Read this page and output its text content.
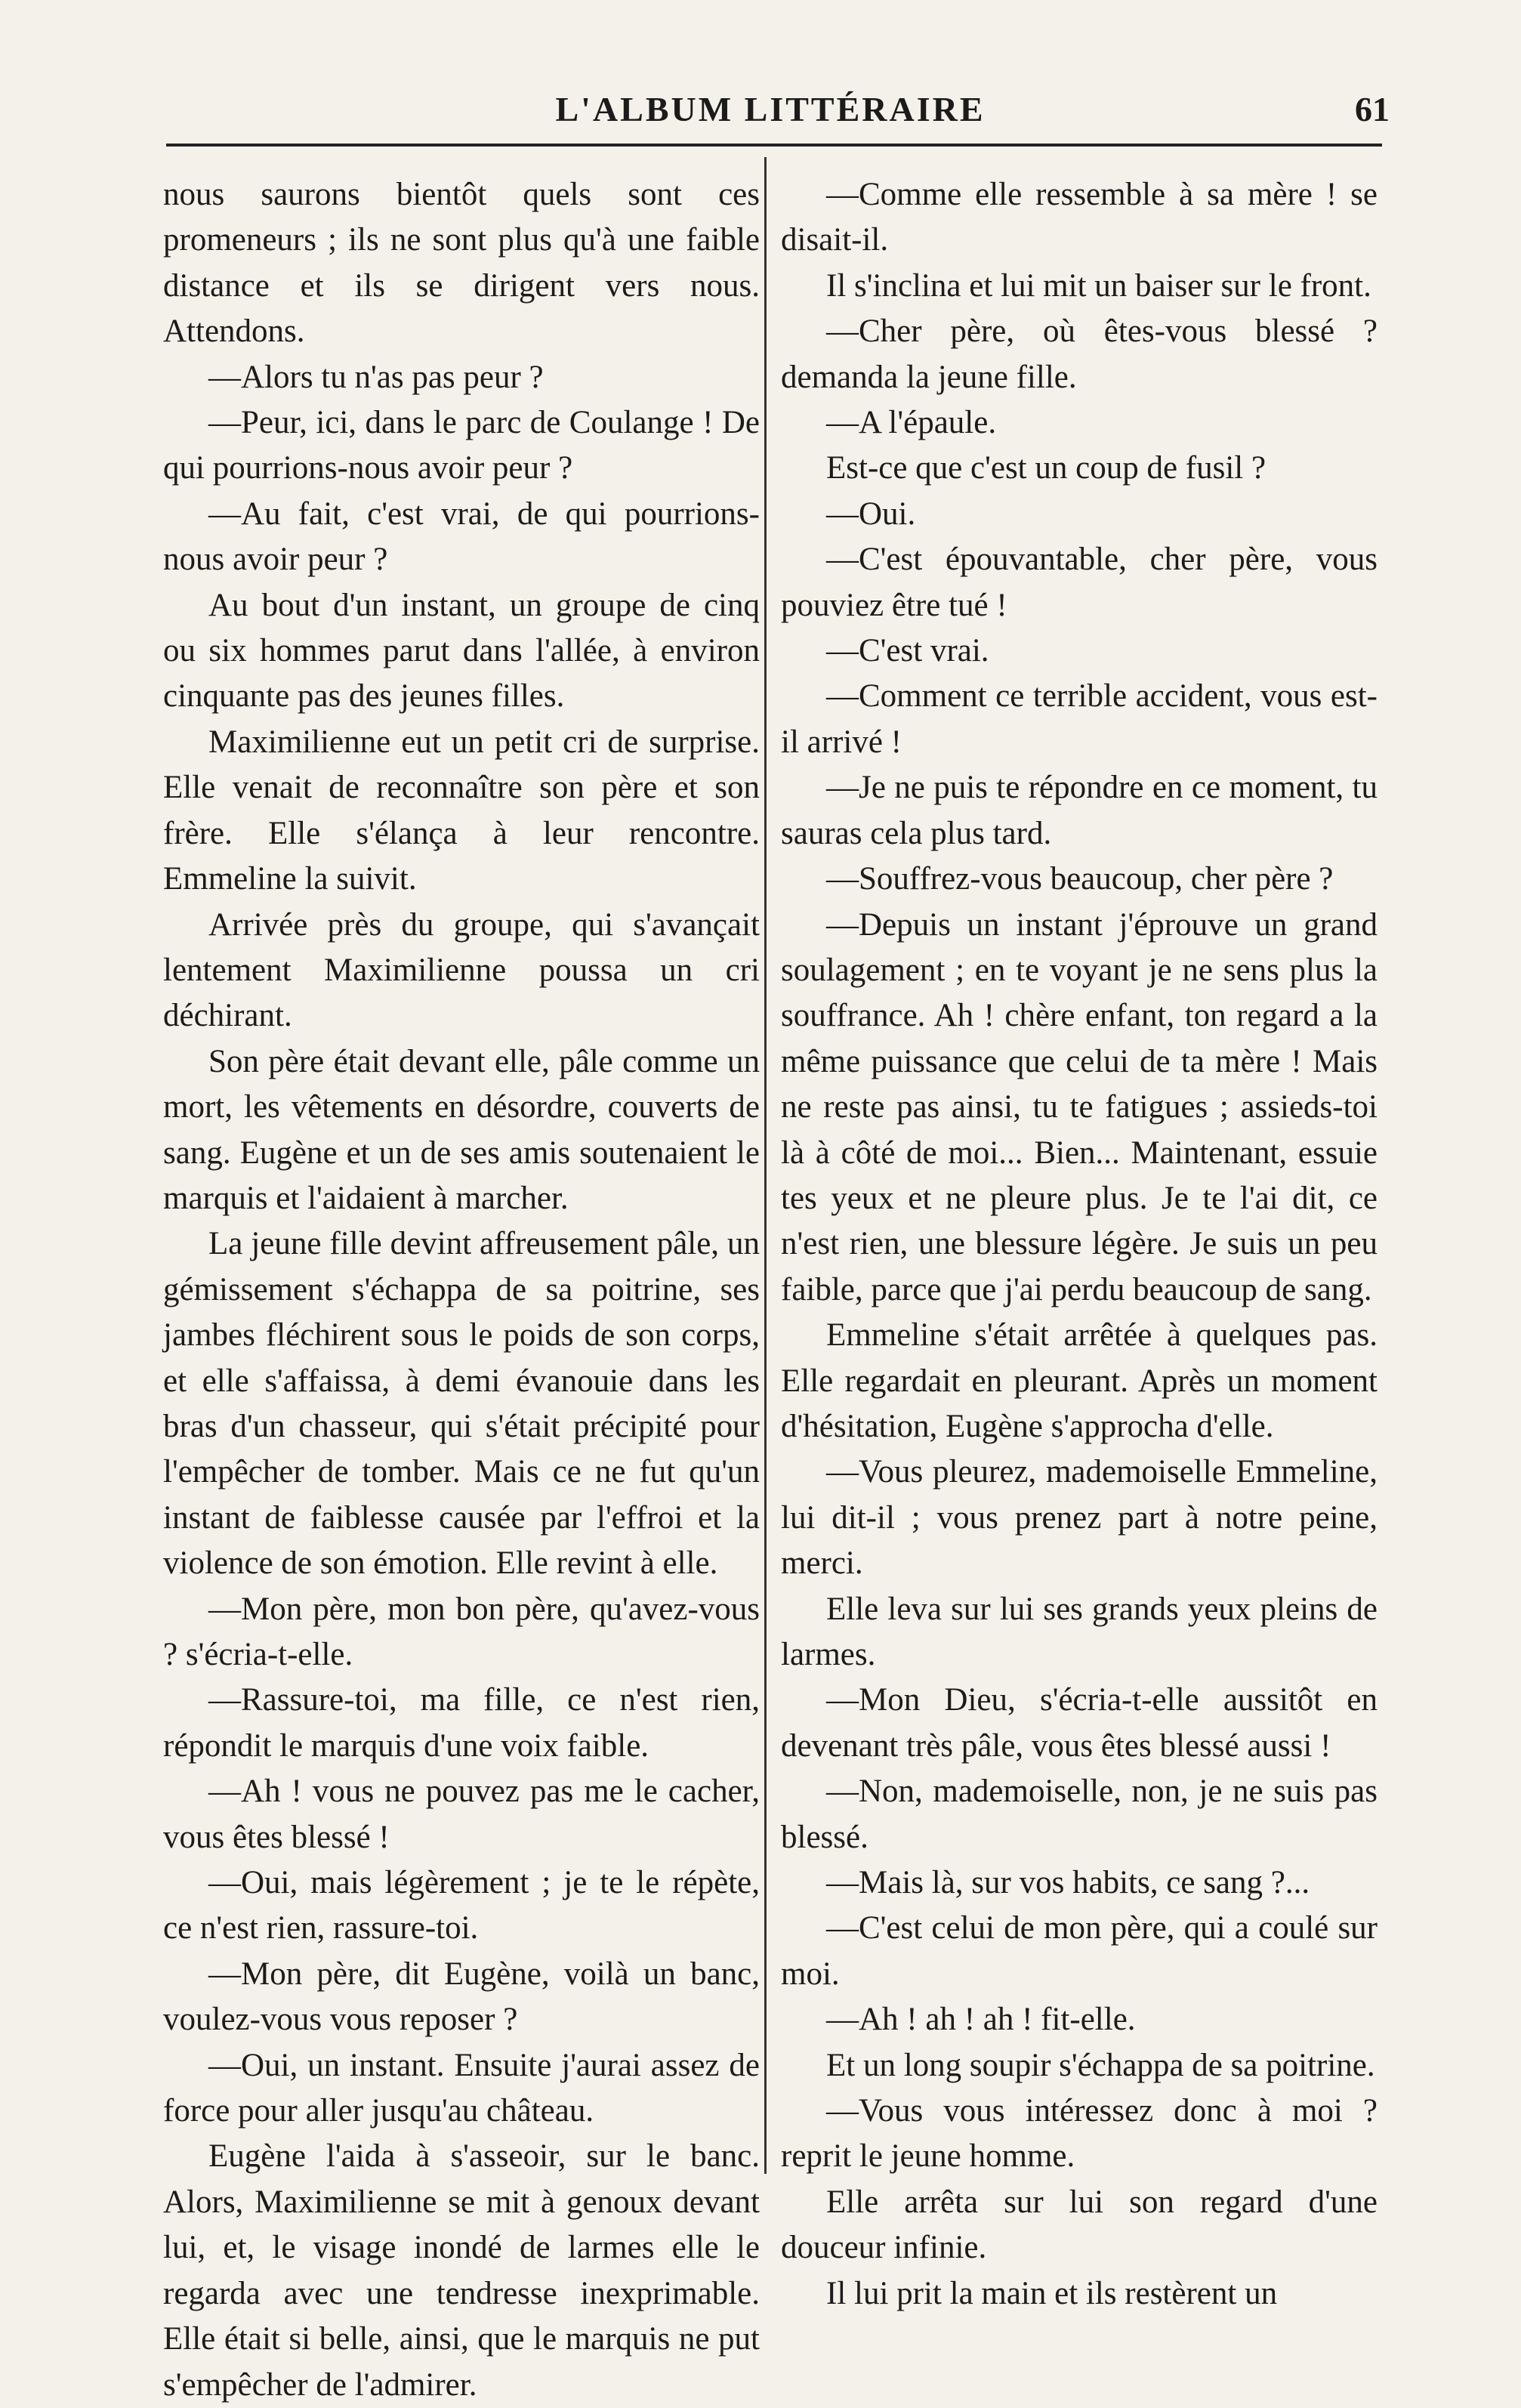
L'ALBUM LITTÉRAIRE	61

nous saurons bientôt quels sont ces promeneurs ; ils ne sont plus qu'à une faible distance et ils se dirigent vers nous. Attendons.

—Alors tu n'as pas peur ?

—Peur, ici, dans le parc de Coulange ! De qui pourrions-nous avoir peur ?

—Au fait, c'est vrai, de qui pourrions-nous avoir peur ?

Au bout d'un instant, un groupe de cinq ou six hommes parut dans l'allée, à environ cinquante pas des jeunes filles.

Maximilienne eut un petit cri de surprise. Elle venait de reconnaître son père et son frère. Elle s'élança à leur rencontre. Emmeline la suivit.

Arrivée près du groupe, qui s'avançait lentement Maximilienne poussa un cri déchirant.

Son père était devant elle, pâle comme un mort, les vêtements en désordre, couverts de sang. Eugène et un de ses amis soutenaient le marquis et l'aidaient à marcher.

La jeune fille devint affreusement pâle, un gémissement s'échappa de sa poitrine, ses jambes fléchirent sous le poids de son corps, et elle s'affaissa, à demi évanouie dans les bras d'un chasseur, qui s'était précipité pour l'empêcher de tomber. Mais ce ne fut qu'un instant de faiblesse causée par l'effroi et la violence de son émotion. Elle revint à elle.

—Mon père, mon bon père, qu'avez-vous ? s'écria-t-elle.

—Rassure-toi, ma fille, ce n'est rien, répondit le marquis d'une voix faible.

—Ah ! vous ne pouvez pas me le cacher, vous êtes blessé !

—Oui, mais légèrement ; je te le répète, ce n'est rien, rassure-toi.

—Mon père, dit Eugène, voilà un banc, voulez-vous vous reposer ?

—Oui, un instant. Ensuite j'aurai assez de force pour aller jusqu'au château.

Eugène l'aida à s'asseoir, sur le banc. Alors, Maximilienne se mit à genoux devant lui, et, le visage inondé de larmes elle le regarda avec une tendresse inexprimable. Elle était si belle, ainsi, que le marquis ne put s'empêcher de l'admirer.

—Comme elle ressemble à sa mère ! se disait-il.

Il s'inclina et lui mit un baiser sur le front.

—Cher père, où êtes-vous blessé ? demanda la jeune fille.

—A l'épaule.

Est-ce que c'est un coup de fusil ?

—Oui.

—C'est épouvantable, cher père, vous pouviez être tué !

—C'est vrai.

—Comment ce terrible accident, vous est-il arrivé !

—Je ne puis te répondre en ce moment, tu sauras cela plus tard.

—Souffrez-vous beaucoup, cher père ?

—Depuis un instant j'éprouve un grand soulagement ; en te voyant je ne sens plus la souffrance. Ah ! chère enfant, ton regard a la même puissance que celui de ta mère ! Mais ne reste pas ainsi, tu te fatigues ; assieds-toi là à côté de moi... Bien... Maintenant, essuie tes yeux et ne pleure plus. Je te l'ai dit, ce n'est rien, une blessure légère. Je suis un peu faible, parce que j'ai perdu beaucoup de sang.

Emmeline s'était arrêtée à quelques pas. Elle regardait en pleurant. Après un moment d'hésitation, Eugène s'approcha d'elle.

—Vous pleurez, mademoiselle Emmeline, lui dit-il ; vous prenez part à notre peine, merci.

Elle leva sur lui ses grands yeux pleins de larmes.

—Mon Dieu, s'écria-t-elle aussitôt en devenant très pâle, vous êtes blessé aussi !

—Non, mademoiselle, non, je ne suis pas blessé.

—Mais là, sur vos habits, ce sang ?...

—C'est celui de mon père, qui a coulé sur moi.

—Ah ! ah ! ah ! fit-elle.

Et un long soupir s'échappa de sa poitrine.

—Vous vous intéressez donc à moi ? reprit le jeune homme.

Elle arrêta sur lui son regard d'une douceur infinie.

Il lui prit la main et ils restèrent un
